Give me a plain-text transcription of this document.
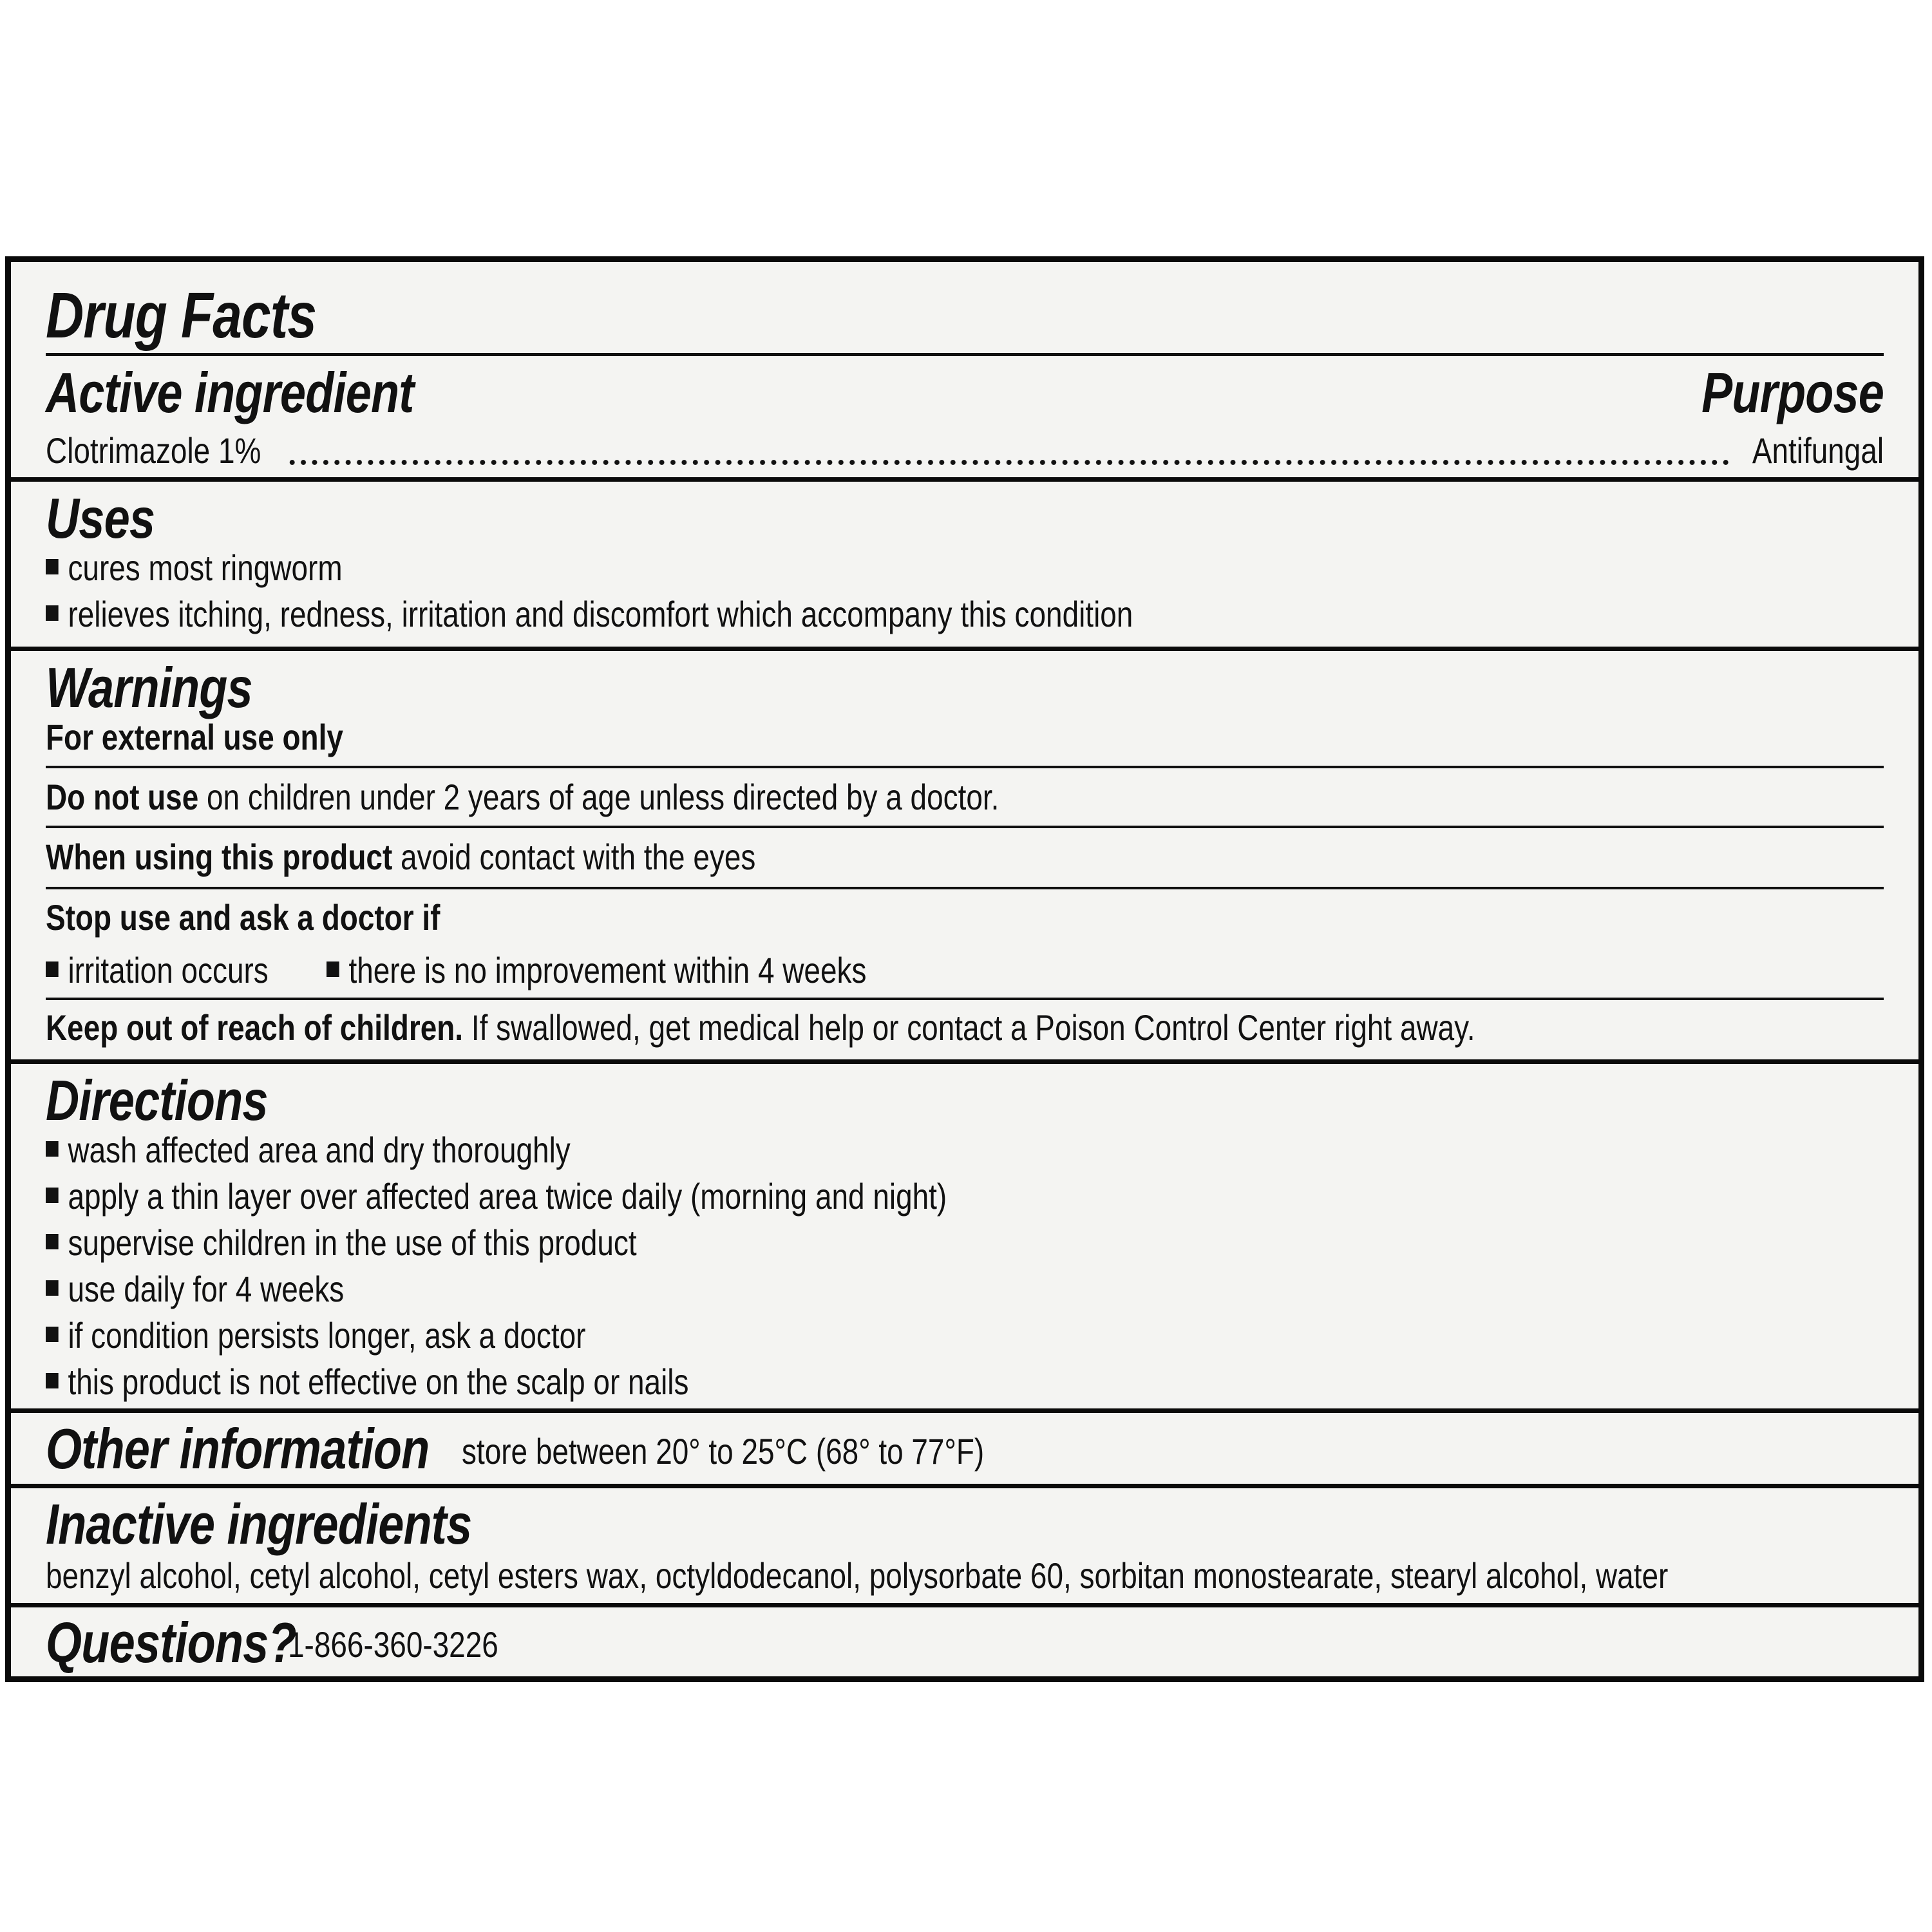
Drug Facts
Active ingredient	Purpose
Clotrimazole 1%	Antifungal
Uses
cures most ringworm
relieves itching, redness, irritation and discomfort which accompany this condition
Warnings
For external use only
Do not use on children under 2 years of age unless directed by a doctor.
When using this product avoid contact with the eyes
Stop use and ask a doctor if
irritation occurs	there is no improvement within 4 weeks
Keep out of reach of children. If swallowed, get medical help or contact a Poison Control Center right away.
Directions
wash affected area and dry thoroughly
apply a thin layer over affected area twice daily (morning and night)
supervise children in the use of this product
use daily for 4 weeks
if condition persists longer, ask a doctor
this product is not effective on the scalp or nails
Other information store between 20° to 25°C (68° to 77°F)
Inactive ingredients
benzyl alcohol, cetyl alcohol, cetyl esters wax, octyldodecanol, polysorbate 60, sorbitan monostearate, stearyl alcohol, water
Questions?
1-866-360-3226
